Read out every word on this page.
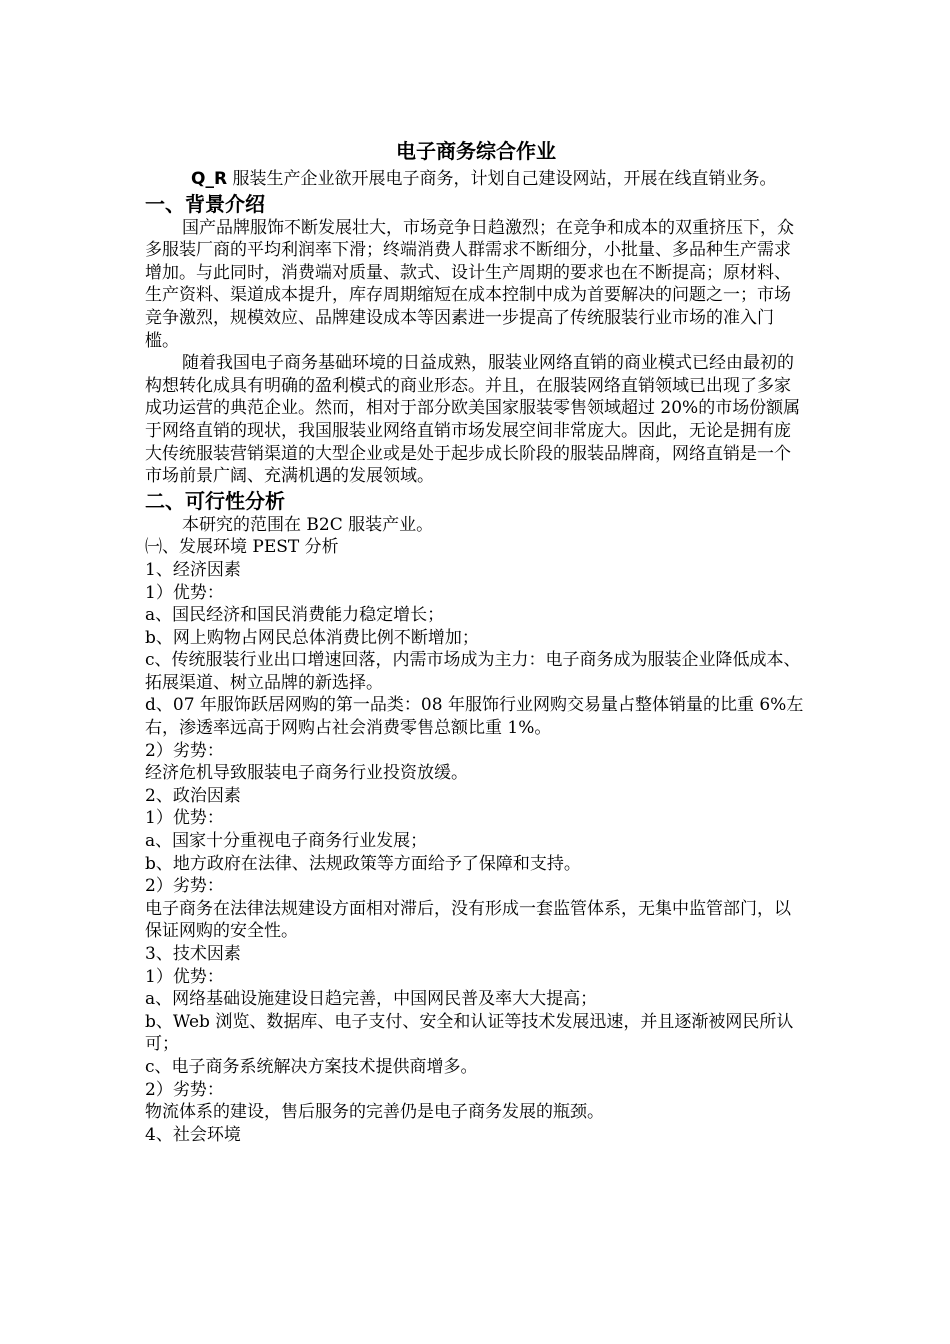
电子商务综合作业

Q_R 服装生产企业欲开展电子商务，计划自己建设网站，开展在线直销业务。

一、背景介绍

国产品牌服饰不断发展壮大，市场竞争日趋激烈；在竞争和成本的双重挤压下，众多服装厂商的平均利润率下滑；终端消费人群需求不断细分，小批量、多品种生产需求增加。与此同时，消费端对质量、款式、设计生产周期的要求也在不断提高；原材料、生产资料、渠道成本提升，库存周期缩短在成本控制中成为首要解决的问题之一；市场竞争激烈，规模效应、品牌建设成本等因素进一步提高了传统服装行业市场的准入门槛。

随着我国电子商务基础环境的日益成熟，服装业网络直销的商业模式已经由最初的构想转化成具有明确的盈利模式的商业形态。并且，在服装网络直销领域已出现了多家成功运营的典范企业。然而，相对于部分欧美国家服装零售领域超过 20%的市场份额属于网络直销的现状，我国服装业网络直销市场发展空间非常庞大。因此，无论是拥有庞大传统服装营销渠道的大型企业或是处于起步成长阶段的服装品牌商，网络直销是一个市场前景广阔、充满机遇的发展领域。

二、可行性分析

本研究的范围在 B2C 服装产业。

㈠、发展环境 PEST 分析

1、经济因素

1）优势：

a、国民经济和国民消费能力稳定增长；

b、网上购物占网民总体消费比例不断增加；

c、传统服装行业出口增速回落，内需市场成为主力：电子商务成为服装企业降低成本、拓展渠道、树立品牌的新选择。

d、07 年服饰跃居网购的第一品类：08 年服饰行业网购交易量占整体销量的比重 6%左右，渗透率远高于网购占社会消费零售总额比重 1%。

2）劣势：

经济危机导致服装电子商务行业投资放缓。

2、政治因素

1）优势：

a、国家十分重视电子商务行业发展；

b、地方政府在法律、法规政策等方面给予了保障和支持。

2）劣势：

电子商务在法律法规建设方面相对滞后，没有形成一套监管体系，无集中监管部门，以保证网购的安全性。

3、技术因素

1）优势：

a、网络基础设施建设日趋完善，中国网民普及率大大提高；

b、Web 浏览、数据库、电子支付、安全和认证等技术发展迅速，并且逐渐被网民所认可；

c、电子商务系统解决方案技术提供商增多。

2）劣势：

物流体系的建设，售后服务的完善仍是电子商务发展的瓶颈。

4、社会环境
